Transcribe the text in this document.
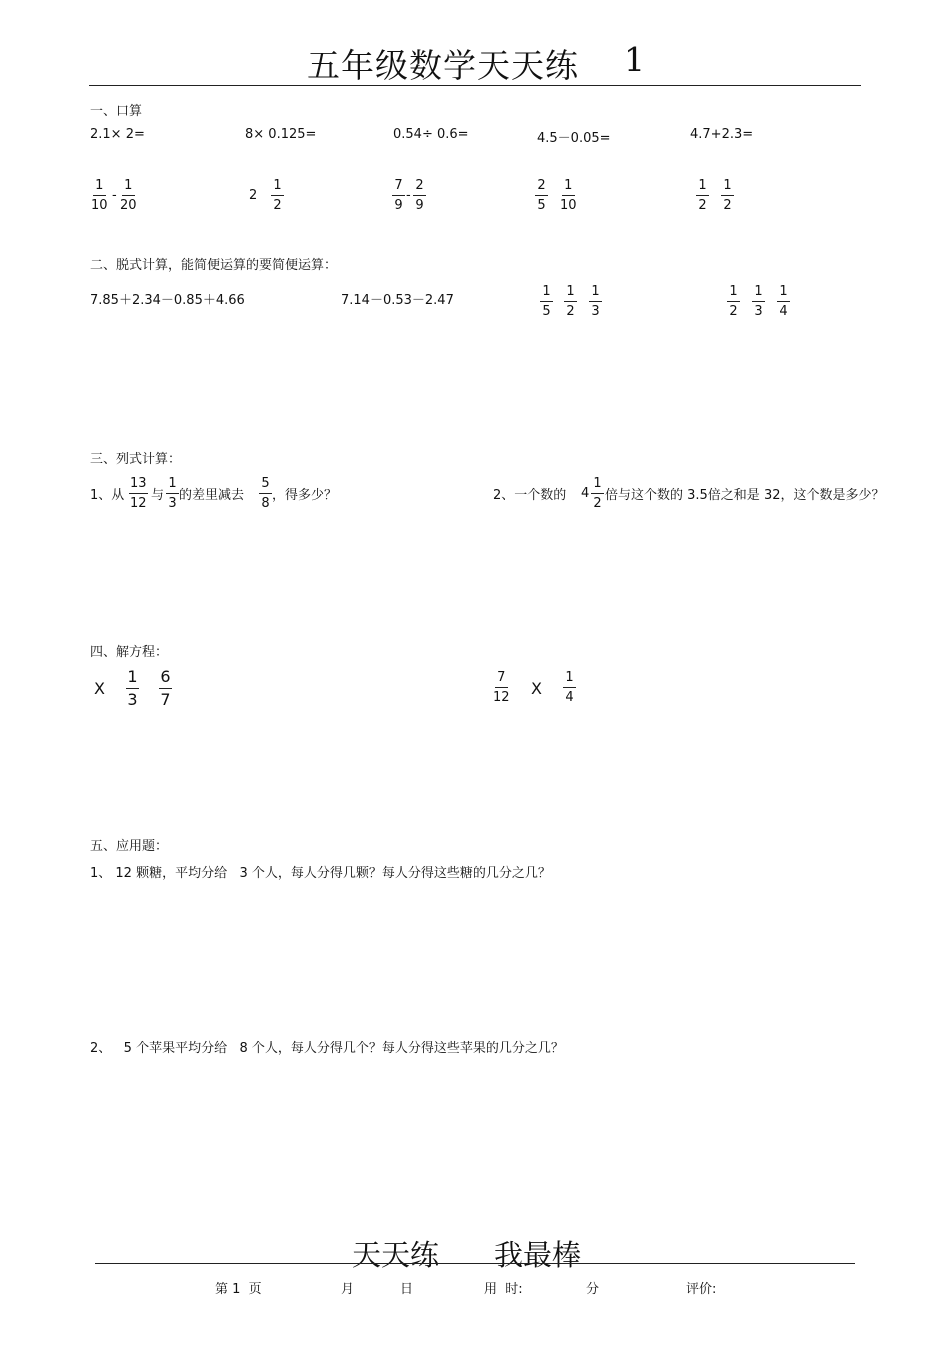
五年级数学天天练 1
一、口算
2.1× 2=	8× 0.125=	0.54÷ 0.6=	4.5－0.05=	4.7+2.3=
$\frac{1}{10} - \frac{1}{20}$	$2 \frac{1}{2}$	$\frac{7}{9} - \frac{2}{9}$	$\frac{2}{5} \frac{1}{10}$	$\frac{1}{2} \frac{1}{2}$
二、脱式计算，能简便运算的要简便运算：
7.85＋2.34－0.85＋4.66	7.14－0.53－2.47	$\frac{1}{5} \frac{1}{2} \frac{1}{3}$	$\frac{1}{2} \frac{1}{3} \frac{1}{4}$
三、列式计算：
1、从 $\frac{13}{12}$ 与 $\frac{1}{3}$ 的差里减去 $\frac{5}{8}$ ，得多少？	2、一个数的 $4 \frac{1}{2}$ 倍与这个数的 3.5倍之和是 32，这个数是多少？
四、解方程：
X $\frac{1}{3} \frac{6}{7}$	$\frac{7}{12}$ X $\frac{1}{4}$
五、应用题：
1、 12 颗糖，平均分给   3 个人，每人分得几颗？每人分得这些糖的几分之几？
2、   5 个苹果平均分给   8 个人，每人分得几个？每人分得这些苹果的几分之几？
天天练 我最棒
第 1  页	月	日	用  时:	分	评价:
